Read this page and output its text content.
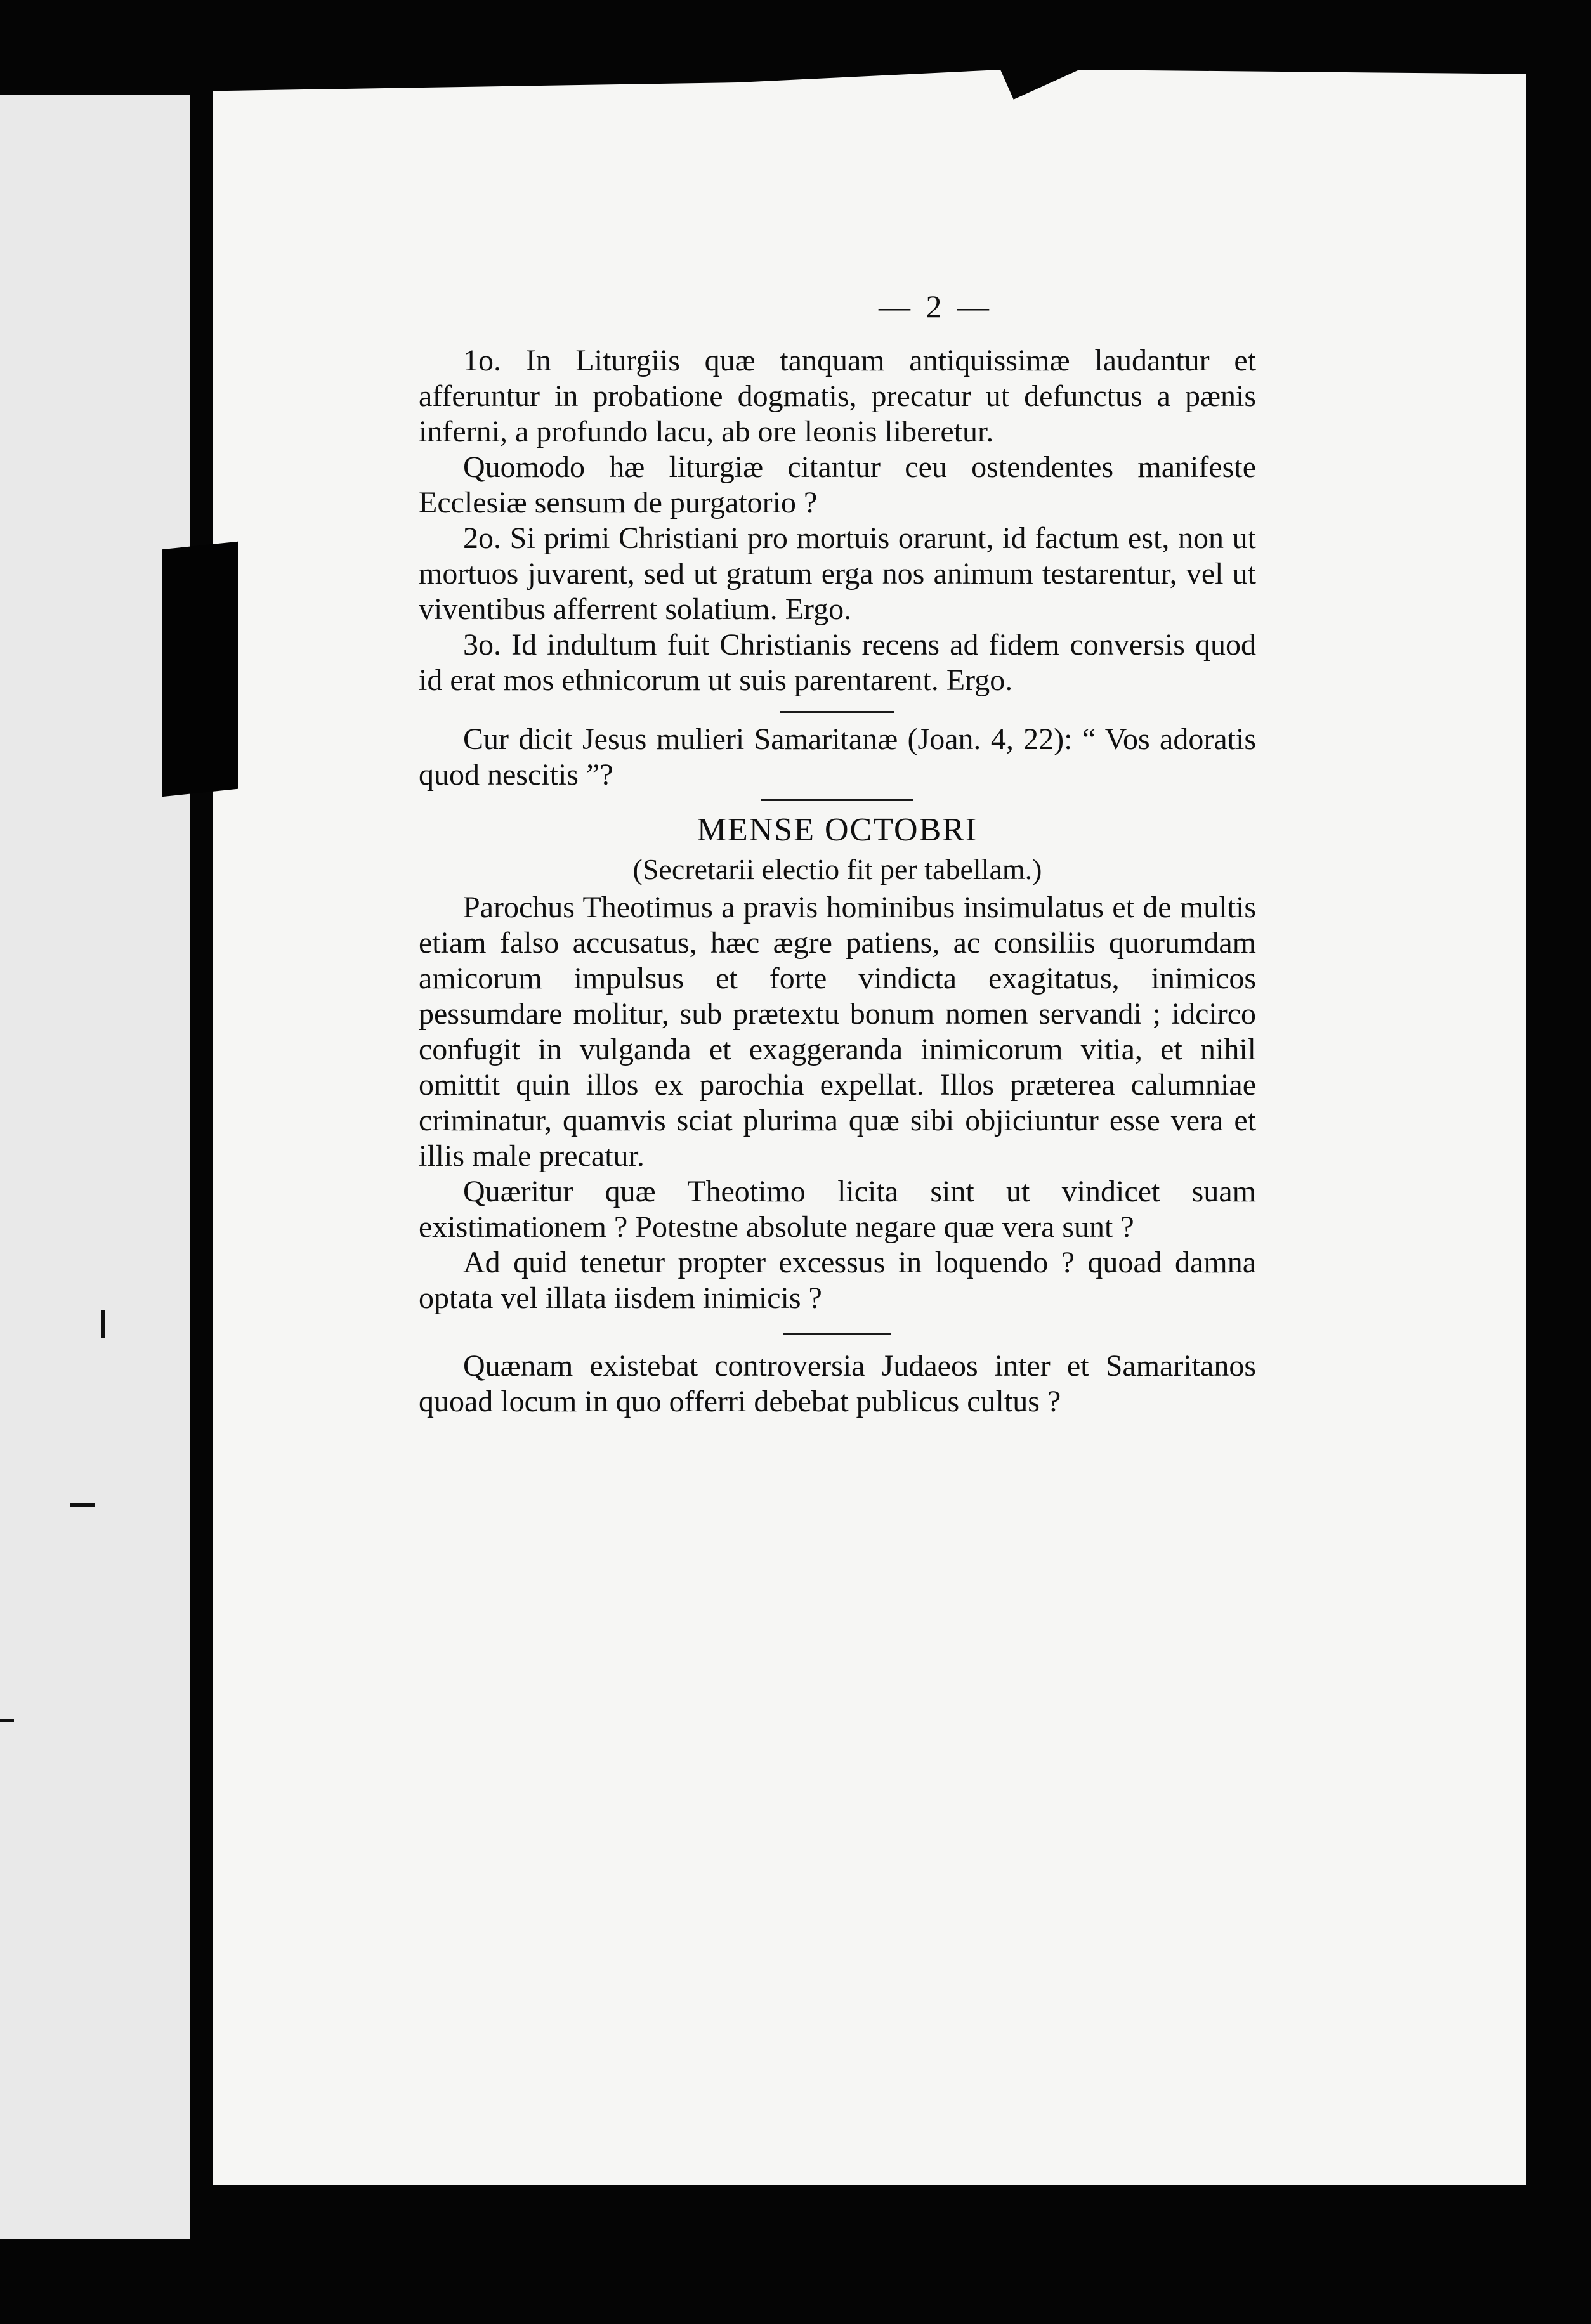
— 2 —

1o. In Liturgiis quæ tanquam antiquissimæ laudantur et afferuntur in probatione dogmatis, precatur ut defunctus a pænis inferni, a profundo lacu, ab ore leonis liberetur.

Quomodo hæ liturgiæ citantur ceu ostendentes manifeste Ecclesiæ sensum de purgatorio ?

2o. Si primi Christiani pro mortuis orarunt, id factum est, non ut mortuos juvarent, sed ut gratum erga nos animum testarentur, vel ut viventibus afferrent solatium. Ergo.

3o. Id indultum fuit Christianis recens ad fidem conversis quod id erat mos ethnicorum ut suis parentarent. Ergo.

Cur dicit Jesus mulieri Samaritanæ (Joan. 4, 22): “ Vos adoratis quod nescitis ”?

MENSE OCTOBRI
(Secretarii electio fit per tabellam.)

Parochus Theotimus a pravis hominibus insimulatus et de multis etiam falso accusatus, hæc ægre patiens, ac consiliis quorumdam amicorum impulsus et forte vindicta exagitatus, inimicos pessumdare molitur, sub prætextu bonum nomen servandi ; idcirco confugit in vulganda et exaggeranda inimicorum vitia, et nihil omittit quin illos ex parochia expellat. Illos præterea calumniae criminatur, quamvis sciat plurima quæ sibi objiciuntur esse vera et illis male precatur.

Quæritur quæ Theotimo licita sint ut vindicet suam existimationem ? Potestne absolute negare quæ vera sunt ?

Ad quid tenetur propter excessus in loquendo ? quoad damna optata vel illata iisdem inimicis ?

Quænam existebat controversia Judaeos inter et Samaritanos quoad locum in quo offerri debebat publicus cultus ?
